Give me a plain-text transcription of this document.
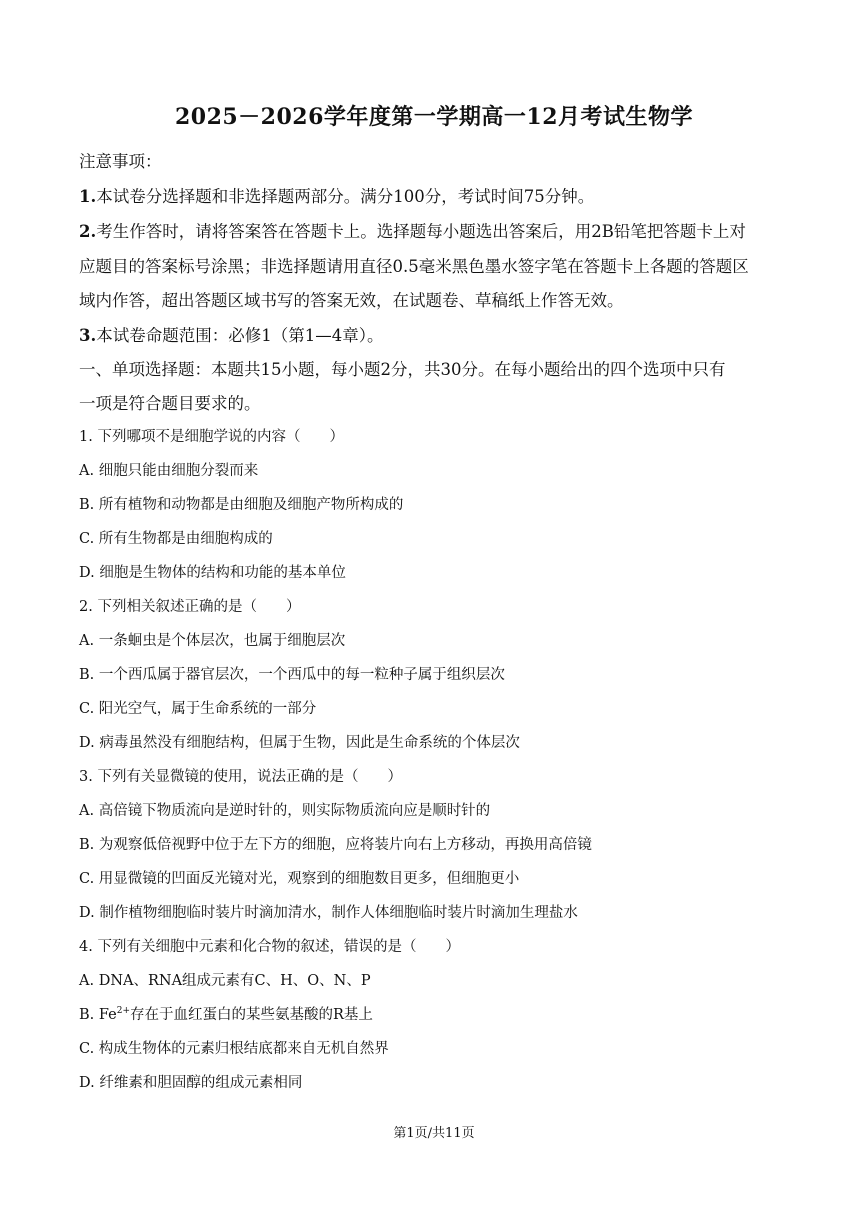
2025－2026学年度第一学期高一12月考试生物学
注意事项：
1.本试卷分选择题和非选择题两部分。满分100分，考试时间75分钟。
2.考生作答时，请将答案答在答题卡上。选择题每小题选出答案后，用2B铅笔把答题卡上对
应题目的答案标号涂黑；非选择题请用直径0.5毫米黑色墨水签字笔在答题卡上各题的答题区
域内作答，超出答题区域书写的答案无效，在试题卷、草稿纸上作答无效。
3.本试卷命题范围：必修1（第1—4章）。
一、单项选择题：本题共15小题，每小题2分，共30分。在每小题给出的四个选项中只有
一项是符合题目要求的。
1. 下列哪项不是细胞学说的内容（　　）
A. 细胞只能由细胞分裂而来
B. 所有植物和动物都是由细胞及细胞产物所构成的
C. 所有生物都是由细胞构成的
D. 细胞是生物体的结构和功能的基本单位
2. 下列相关叙述正确的是（　　）
A. 一条蛔虫是个体层次，也属于细胞层次
B. 一个西瓜属于器官层次，一个西瓜中的每一粒种子属于组织层次
C. 阳光空气，属于生命系统的一部分
D. 病毒虽然没有细胞结构，但属于生物，因此是生命系统的个体层次
3. 下列有关显微镜的使用，说法正确的是（　　）
A. 高倍镜下物质流向是逆时针的，则实际物质流向应是顺时针的
B. 为观察低倍视野中位于左下方的细胞，应将装片向右上方移动，再换用高倍镜
C. 用显微镜的凹面反光镜对光，观察到的细胞数目更多，但细胞更小
D. 制作植物细胞临时装片时滴加清水，制作人体细胞临时装片时滴加生理盐水
4. 下列有关细胞中元素和化合物的叙述，错误的是（　　）
A. DNA、RNA组成元素有C、H、O、N、P
B. $Fe^{2+}$存在于血红蛋白的某些氨基酸的R基上
C. 构成生物体的元素归根结底都来自无机自然界
D. 纤维素和胆固醇的组成元素相同
第1页/共11页
